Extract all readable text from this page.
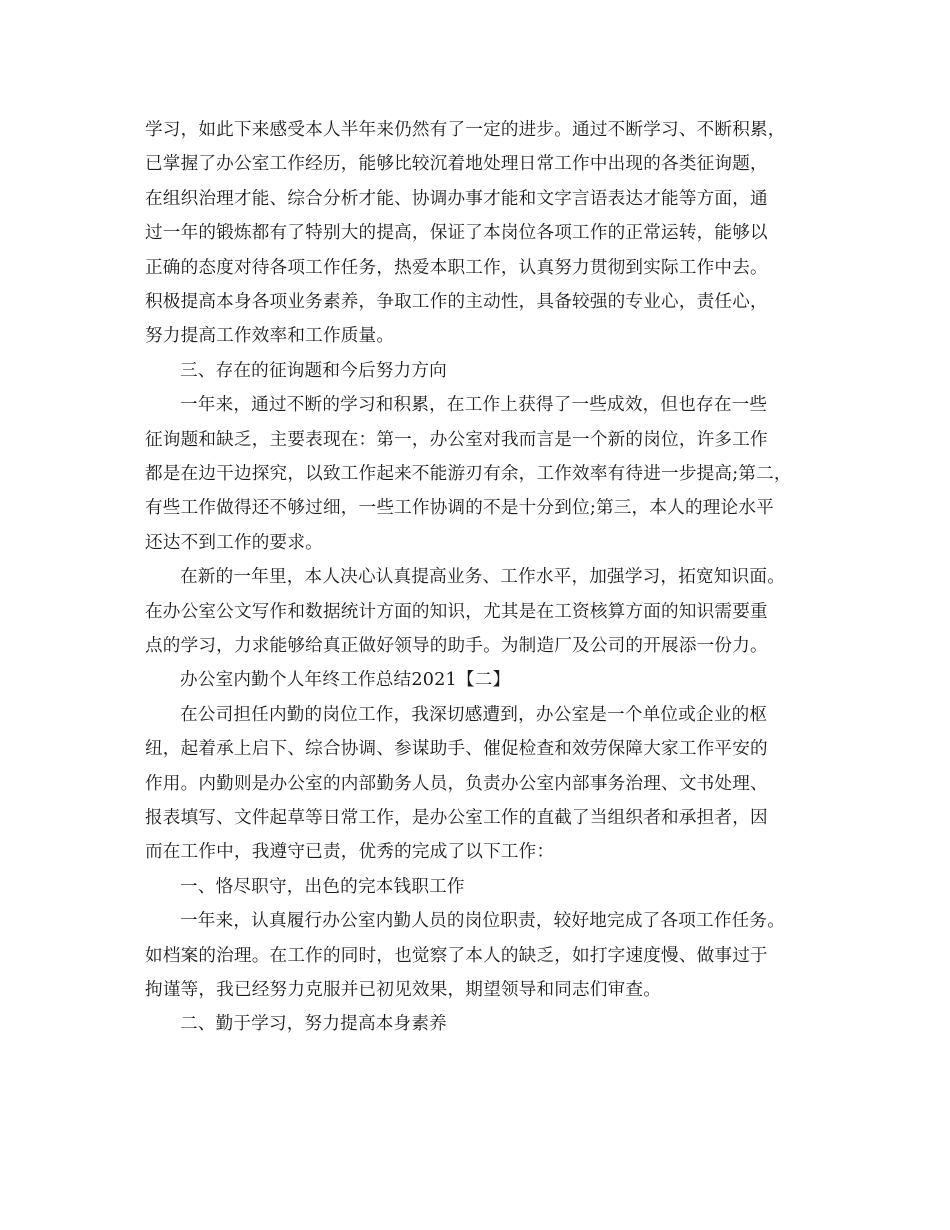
学习，如此下来感受本人半年来仍然有了一定的进步。通过不断学习、不断积累，
已掌握了办公室工作经历，能够比较沉着地处理日常工作中出现的各类征询题，
在组织治理才能、综合分析才能、协调办事才能和文字言语表达才能等方面，通
过一年的锻炼都有了特别大的提高，保证了本岗位各项工作的正常运转，能够以
正确的态度对待各项工作任务，热爱本职工作，认真努力贯彻到实际工作中去。
积极提高本身各项业务素养，争取工作的主动性，具备较强的专业心，责任心，
努力提高工作效率和工作质量。
三、存在的征询题和今后努力方向
一年来，通过不断的学习和积累，在工作上获得了一些成效，但也存在一些
征询题和缺乏，主要表现在：第一，办公室对我而言是一个新的岗位，许多工作
都是在边干边探究，以致工作起来不能游刃有余，工作效率有待进一步提高;第二，
有些工作做得还不够过细，一些工作协调的不是十分到位;第三，本人的理论水平
还达不到工作的要求。
在新的一年里，本人决心认真提高业务、工作水平，加强学习，拓宽知识面。
在办公室公文写作和数据统计方面的知识，尤其是在工资核算方面的知识需要重
点的学习，力求能够给真正做好领导的助手。为制造厂及公司的开展添一份力。
办公室内勤个人年终工作总结2021【二】
在公司担任内勤的岗位工作，我深切感遭到，办公室是一个单位或企业的枢
纽，起着承上启下、综合协调、参谋助手、催促检查和效劳保障大家工作平安的
作用。内勤则是办公室的内部勤务人员，负责办公室内部事务治理、文书处理、
报表填写、文件起草等日常工作，是办公室工作的直截了当组织者和承担者，因
而在工作中，我遵守已责，优秀的完成了以下工作：
一、恪尽职守，出色的完本钱职工作
一年来，认真履行办公室内勤人员的岗位职责，较好地完成了各项工作任务。
如档案的治理。在工作的同时，也觉察了本人的缺乏，如打字速度慢、做事过于
拘谨等，我已经努力克服并已初见效果，期望领导和同志们审查。
二、勤于学习，努力提高本身素养
